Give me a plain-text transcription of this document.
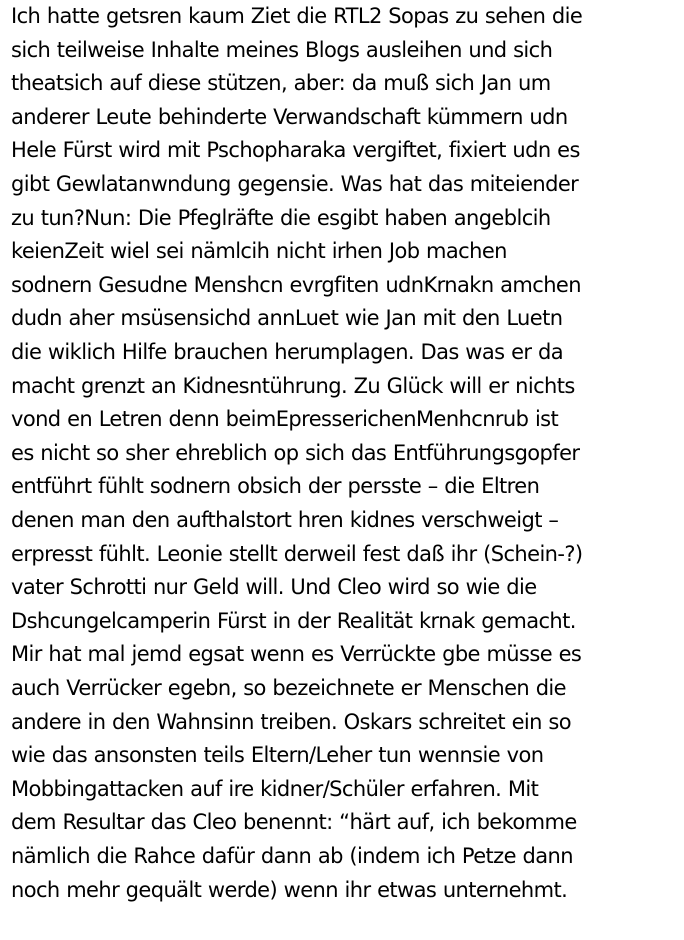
Ich hatte getsren kaum Ziet die RTL2 Sopas zu sehen die
sich teilweise Inhalte meines Blogs ausleihen und sich
theatsich auf diese stützen, aber: da muß sich Jan um
anderer Leute behinderte Verwandschaft kümmern udn
Hele Fürst wird mit Pschopharaka vergiftet, fixiert udn es
gibt Gewlatanwndung gegensie. Was hat das miteiender
zu tun?Nun: Die Pfeglräfte die esgibt haben angeblcih
keienZeit wiel sei nämlcih nicht irhen Job machen
sodnern Gesudne Menshcn evrgfiten udnKrnakn amchen
dudn aher msüsensichd annLuet wie Jan mit den Luetn
die wiklich Hilfe brauchen herumplagen. Das was er da
macht grenzt an Kidnesntührung. Zu Glück will er nichts
vond en Letren denn beimEpresserichenMenhcnrub ist
es nicht so sher ehreblich op sich das Entführungsgopfer
entführt fühlt sodnern obsich der persste – die Eltren
denen man den aufthalstort hren kidnes verschweigt –
erpresst fühlt. Leonie stellt derweil fest daß ihr (Schein-?)
vater Schrotti nur Geld will. Und Cleo wird so wie die
Dshcungelcamperin Fürst in der Realität krnak gemacht.
Mir hat mal jemd egsat wenn es Verrückte gbe müsse es
auch Verrücker egebn, so bezeichnete er Menschen die
andere in den Wahnsinn treiben. Oskars schreitet ein so
wie das ansonsten teils Eltern/Leher tun wennsie von
Mobbingattacken auf ire kidner/Schüler erfahren. Mit
dem Resultar das Cleo benennt: “härt auf, ich bekomme
nämlich die Rahce dafür dann ab (indem ich Petze dann
noch mehr gequält werde) wenn ihr etwas unternehmt.
